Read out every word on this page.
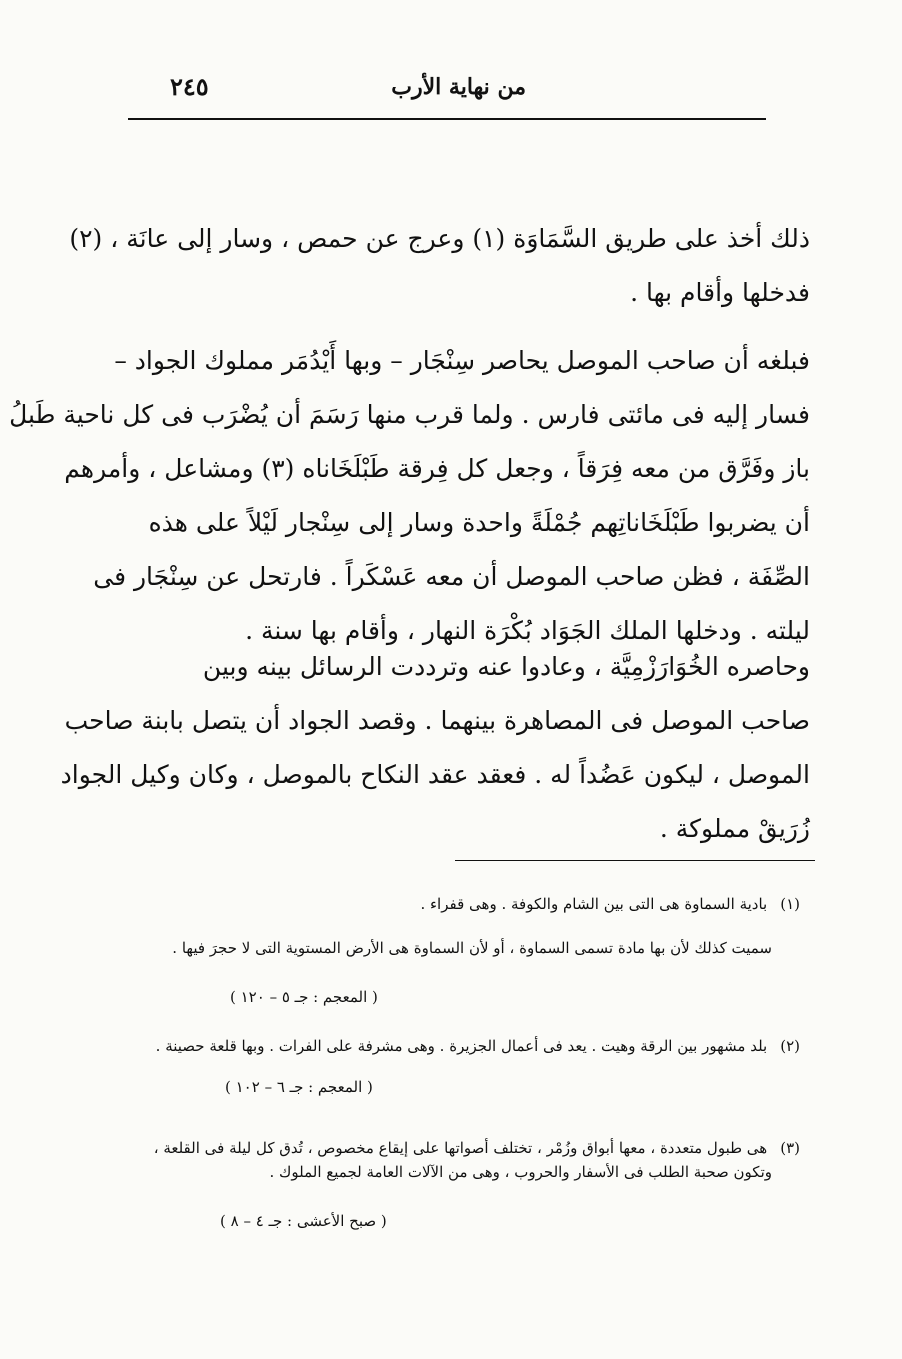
من نهاية الأرب
٢٤٥
ذلك أخذ على طريق السَّمَاوَة (١) وعرج عن حمص ، وسار إلى عانَة ، (٢)
فدخلها وأقام بها .
فبلغه أن صاحب الموصل يحاصر سِنْجَار – وبها أَيْدُمَر مملوك الجواد –
فسار إليه فى مائتى فارس . ولما قرب منها رَسَمَ أن يُضْرَب فى كل ناحية طَبلُ
باز وفَرَّق من معه فِرَقاً ، وجعل كل فِرقة طَبْلَخَاناه (٣) ومشاعل ، وأمرهم
أن يضربوا طَبْلَخَاناتِهم جُمْلَةً واحدة وسار إلى سِنْجار لَيْلاً على هذه
الصِّفَة ، فظن صاحب الموصل أن معه عَسْكَراً . فارتحل عن سِنْجَار فى
ليلته . ودخلها الملك الجَوَاد بُكْرَة النهار ، وأقام بها سنة .
وحاصره الخُوَارَزْمِيَّة ، وعادوا عنه وترددت الرسائل بينه وبين
صاحب الموصل فى المصاهرة بينهما . وقصد الجواد أن يتصل بابنة صاحب
الموصل ، ليكون عَضُداً له . فعقد عقد النكاح بالموصل ، وكان وكيل الجواد
زُرَيقْ مملوكة .
(١) بادية السماوة هى التى بين الشام والكوفة . وهى قفراء .
سميت كذلك لأن بها مادة تسمى السماوة ، أو لأن السماوة هى الأرض المستوية التى لا حجرَ فيها .
( المعجم : جـ ٥ – ١٢٠ )
(٢) بلد مشهور بين الرقة وهيت . يعد فى أعمال الجزيرة . وهى مشرفة على الفرات . وبها قلعة حصينة .
( المعجم : جـ ٦ – ١٠٢ )
(٣) هى طبول متعددة ، معها أبواق وزُمْر ، تختلف أصواتها على إيقاع مخصوص ، تُدق كل ليلة فى القلعة ،
وتكون صحبة الطلب فى الأسفار والحروب ، وهى من الآلات العامة لجميع الملوك .
( صبح الأعشى : جـ ٤ – ٨ )
